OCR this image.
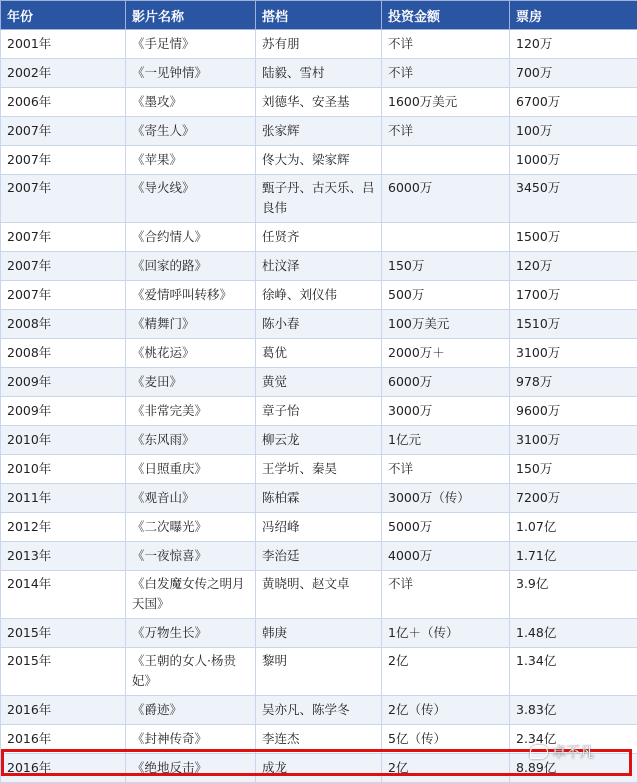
年份	影片名称	搭档	投资金额	票房
2001年	《手足情》	苏有朋	不详	120万
2002年	《一见钟情》	陆毅、雪村	不详	700万
2006年	《墨攻》	刘德华、安圣基	1600万美元	6700万
2007年	《寄生人》	张家辉	不详	100万
2007年	《苹果》	佟大为、梁家辉		1000万
2007年	《导火线》	甄子丹、古天乐、吕良伟	6000万	3450万
2007年	《合约情人》	任贤齐		1500万
2007年	《回家的路》	杜汶泽	150万	120万
2007年	《爱情呼叫转移》	徐峥、刘仪伟	500万	1700万
2008年	《精舞门》	陈小春	100万美元	1510万
2008年	《桃花运》	葛优	2000万＋	3100万
2009年	《麦田》	黄觉	6000万	978万
2009年	《非常完美》	章子怡	3000万	9600万
2010年	《东风雨》	柳云龙	1亿元	3100万
2010年	《日照重庆》	王学圻、秦昊	不详	150万
2011年	《观音山》	陈柏霖	3000万（传）	7200万
2012年	《二次曝光》	冯绍峰	5000万	1.07亿
2013年	《一夜惊喜》	李治廷	4000万	1.71亿
2014年	《白发魔女传之明月天国》	黄晓明、赵文卓	不详	3.9亿
2015年	《万物生长》	韩庚	1亿＋（传）	1.48亿
2015年	《王朝的女人·杨贵妃》	黎明	2亿	1.34亿
2016年	《爵迹》	吴亦凡、陈学冬	2亿（传）	3.83亿
2016年	《封神传奇》	李连杰	5亿（传）	2.34亿
2016年	《绝地反击》	成龙	2亿	8.89亿
卓不凡
